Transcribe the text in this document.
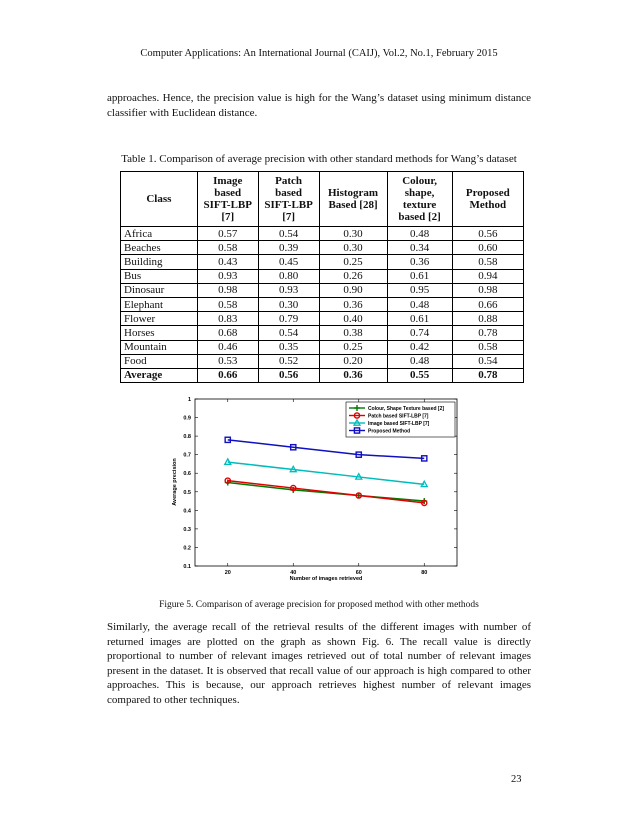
Computer Applications: An International Journal (CAIJ), Vol.2, No.1, February 2015

approaches. Hence, the precision value is high for the Wang’s dataset using minimum distance classifier with Euclidean distance.

Table 1. Comparison of average precision with other standard methods for Wang’s dataset
Class	Image based SIFT-LBP [7]	Patch based SIFT-LBP [7]	Histogram Based [28]	Colour, shape, texture based [2]	Proposed Method
Africa	0.57	0.54	0.30	0.48	0.56
Beaches	0.58	0.39	0.30	0.34	0.60
Building	0.43	0.45	0.25	0.36	0.58
Bus	0.93	0.80	0.26	0.61	0.94
Dinosaur	0.98	0.93	0.90	0.95	0.98
Elephant	0.58	0.30	0.36	0.48	0.66
Flower	0.83	0.79	0.40	0.61	0.88
Horses	0.68	0.54	0.38	0.74	0.78
Mountain	0.46	0.35	0.25	0.42	0.58
Food	0.53	0.52	0.20	0.48	0.54
Average	0.66	0.56	0.36	0.55	0.78
0.1
0.2
0.3
0.4
0.5
0.6
0.7
0.8
0.9
1
20	40	60	80
Colour, Shape Texture based [2]
Patch based SIFT-LBP [7]
Image based SIFT-LBP [7]
Proposed Method
Number of images retrieved
Average precision
Figure 5. Comparison of average precision for proposed method with other methods

Similarly, the average recall of the retrieval results of the different images with number of returned images are plotted on the graph as shown Fig. 6. The recall value is directly proportional to number of relevant images retrieved out of total number of relevant images present in the dataset. It is observed that recall value of our approach is high compared to other approaches. This is because, our approach retrieves highest number of relevant images compared to other techniques.

23
